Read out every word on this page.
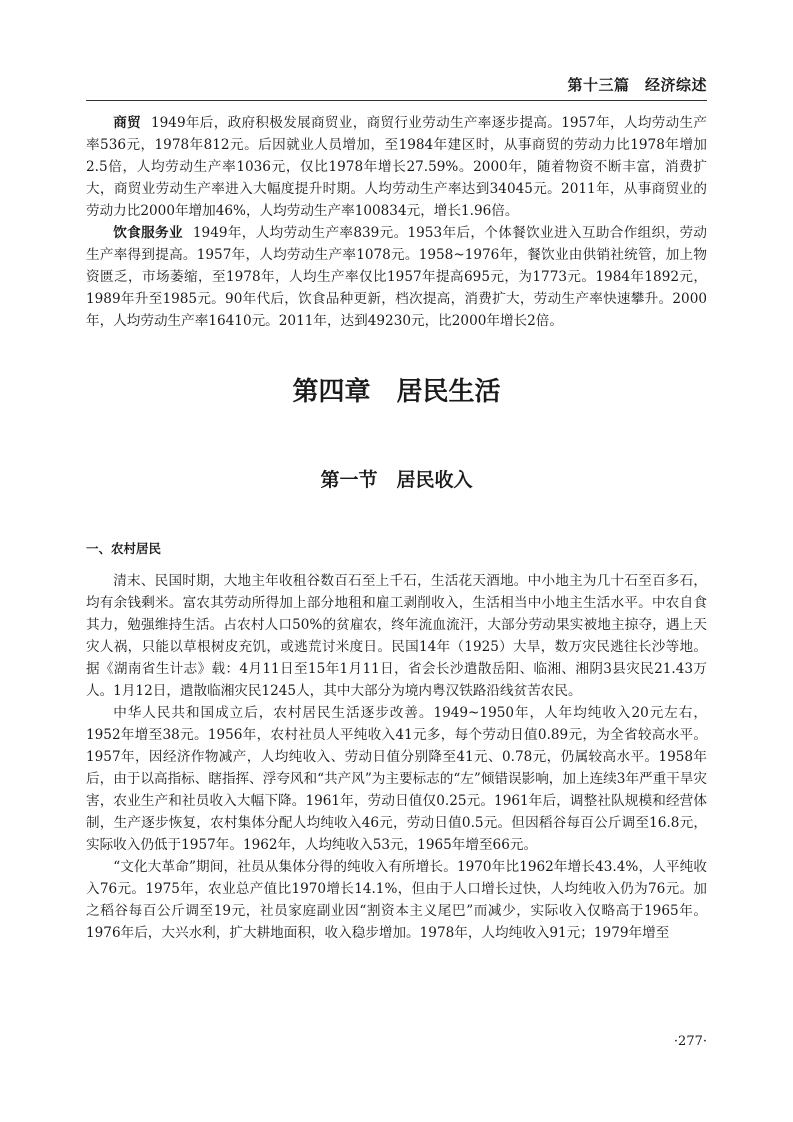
第十三篇　经济综述

商贸 1949年后，政府积极发展商贸业，商贸行业劳动生产率逐步提高。1957年，人均劳动生产率536元，1978年812元。后因就业人员增加，至1984年建区时，从事商贸的劳动力比1978年增加2.5倍，人均劳动生产率1036元，仅比1978年增长27.59%。2000年，随着物资不断丰富，消费扩大，商贸业劳动生产率进入大幅度提升时期。人均劳动生产率达到34045元。2011年，从事商贸业的劳动力比2000年增加46%，人均劳动生产率100834元，增长1.96倍。

饮食服务业 1949年，人均劳动生产率839元。1953年后，个体餐饮业进入互助合作组织，劳动生产率得到提高。1957年，人均劳动生产率1078元。1958~1976年，餐饮业由供销社统管，加上物资匮乏，市场萎缩，至1978年，人均生产率仅比1957年提高695元，为1773元。1984年1892元，1989年升至1985元。90年代后，饮食品种更新，档次提高，消费扩大，劳动生产率快速攀升。2000年，人均劳动生产率16410元。2011年，达到49230元，比2000年增长2倍。

第四章　居民生活
第一节　居民收入
一、农村居民

清末、民国时期，大地主年收租谷数百石至上千石，生活花天酒地。中小地主为几十石至百多石，均有余钱剩米。富农其劳动所得加上部分地租和雇工剥削收入，生活相当中小地主生活水平。中农自食其力，勉强维持生活。占农村人口50%的贫雇农，终年流血流汗，大部分劳动果实被地主掠夺，遇上天灾人祸，只能以草根树皮充饥，或逃荒讨米度日。民国14年（1925）大旱，数万灾民逃往长沙等地。据《湖南省生计志》载：4月11日至15年1月11日，省会长沙遣散岳阳、临湘、湘阴3县灾民21.43万人。1月12日，遣散临湘灾民1245人，其中大部分为境内粤汉铁路沿线贫苦农民。

中华人民共和国成立后，农村居民生活逐步改善。1949~1950年，人年均纯收入20元左右，1952年增至38元。1956年，农村社员人平纯收入41元多，每个劳动日值0.89元，为全省较高水平。1957年，因经济作物减产，人均纯收入、劳动日值分别降至41元、0.78元，仍属较高水平。1958年后，由于以高指标、瞎指挥、浮夸风和“共产风”为主要标志的“左”倾错误影响，加上连续3年严重干旱灾害，农业生产和社员收入大幅下降。1961年，劳动日值仅0.25元。1961年后，调整社队规模和经营体制，生产逐步恢复，农村集体分配人均纯收入46元，劳动日值0.5元。但因稻谷每百公斤调至16.8元，实际收入仍低于1957年。1962年，人均纯收入53元，1965年增至66元。

“文化大革命”期间，社员从集体分得的纯收入有所增长。1970年比1962年增长43.4%，人平纯收入76元。1975年，农业总产值比1970增长14.1%，但由于人口增长过快，人均纯收入仍为76元。加之稻谷每百公斤调至19元，社员家庭副业因“割资本主义尾巴”而减少，实际收入仅略高于1965年。1976年后，大兴水利，扩大耕地面积，收入稳步增加。1978年，人均纯收入91元；1979年增至

·277·
